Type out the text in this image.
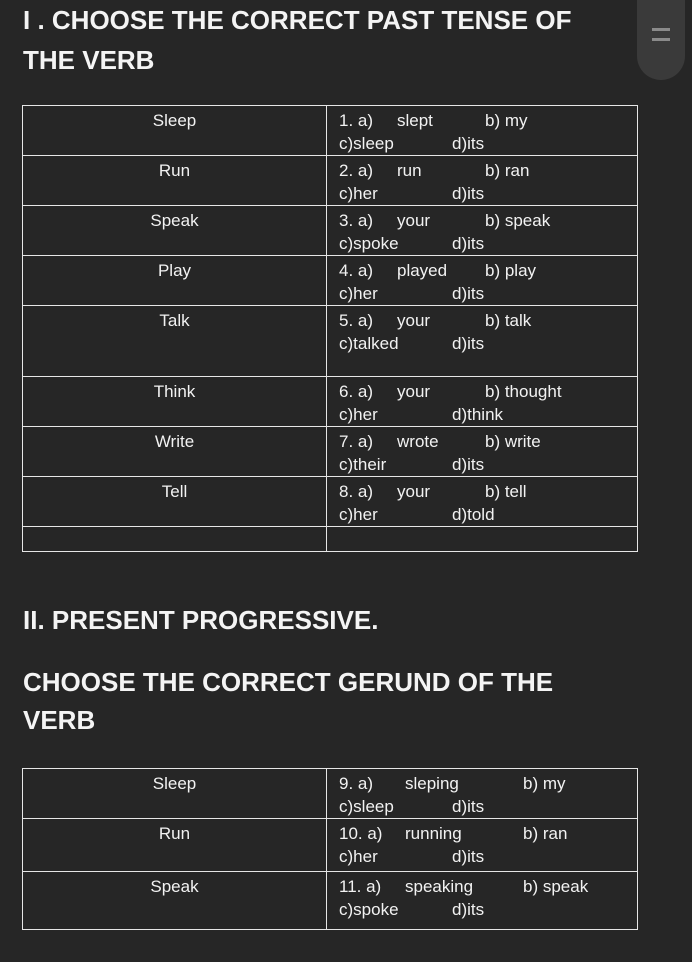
I . CHOOSE THE CORRECT PAST TENSE OF THE VERB
Sleep	1. a) slept b) my
c)sleep d)its

Run	2. a) run b) ran
c)her d)its

Speak	3. a) your b) speak
c)spoke d)its

Play	4. a) played b) play
c)her d)its

Talk	5. a) your b) talk
c)talked d)its

Think	6. a) your b) thought
c)her d)think

Write	7. a) wrote b) write
c)their d)its

Tell	8. a) your b) tell
c)her d)told

II. PRESENT PROGRESSIVE.
CHOOSE THE CORRECT GERUND OF THE VERB
Sleep	9. a) sleping b) my
c)sleep d)its

Run	10. a) running b) ran
c)her d)its

Speak	11. a) speaking b) speak
c)spoke d)its
